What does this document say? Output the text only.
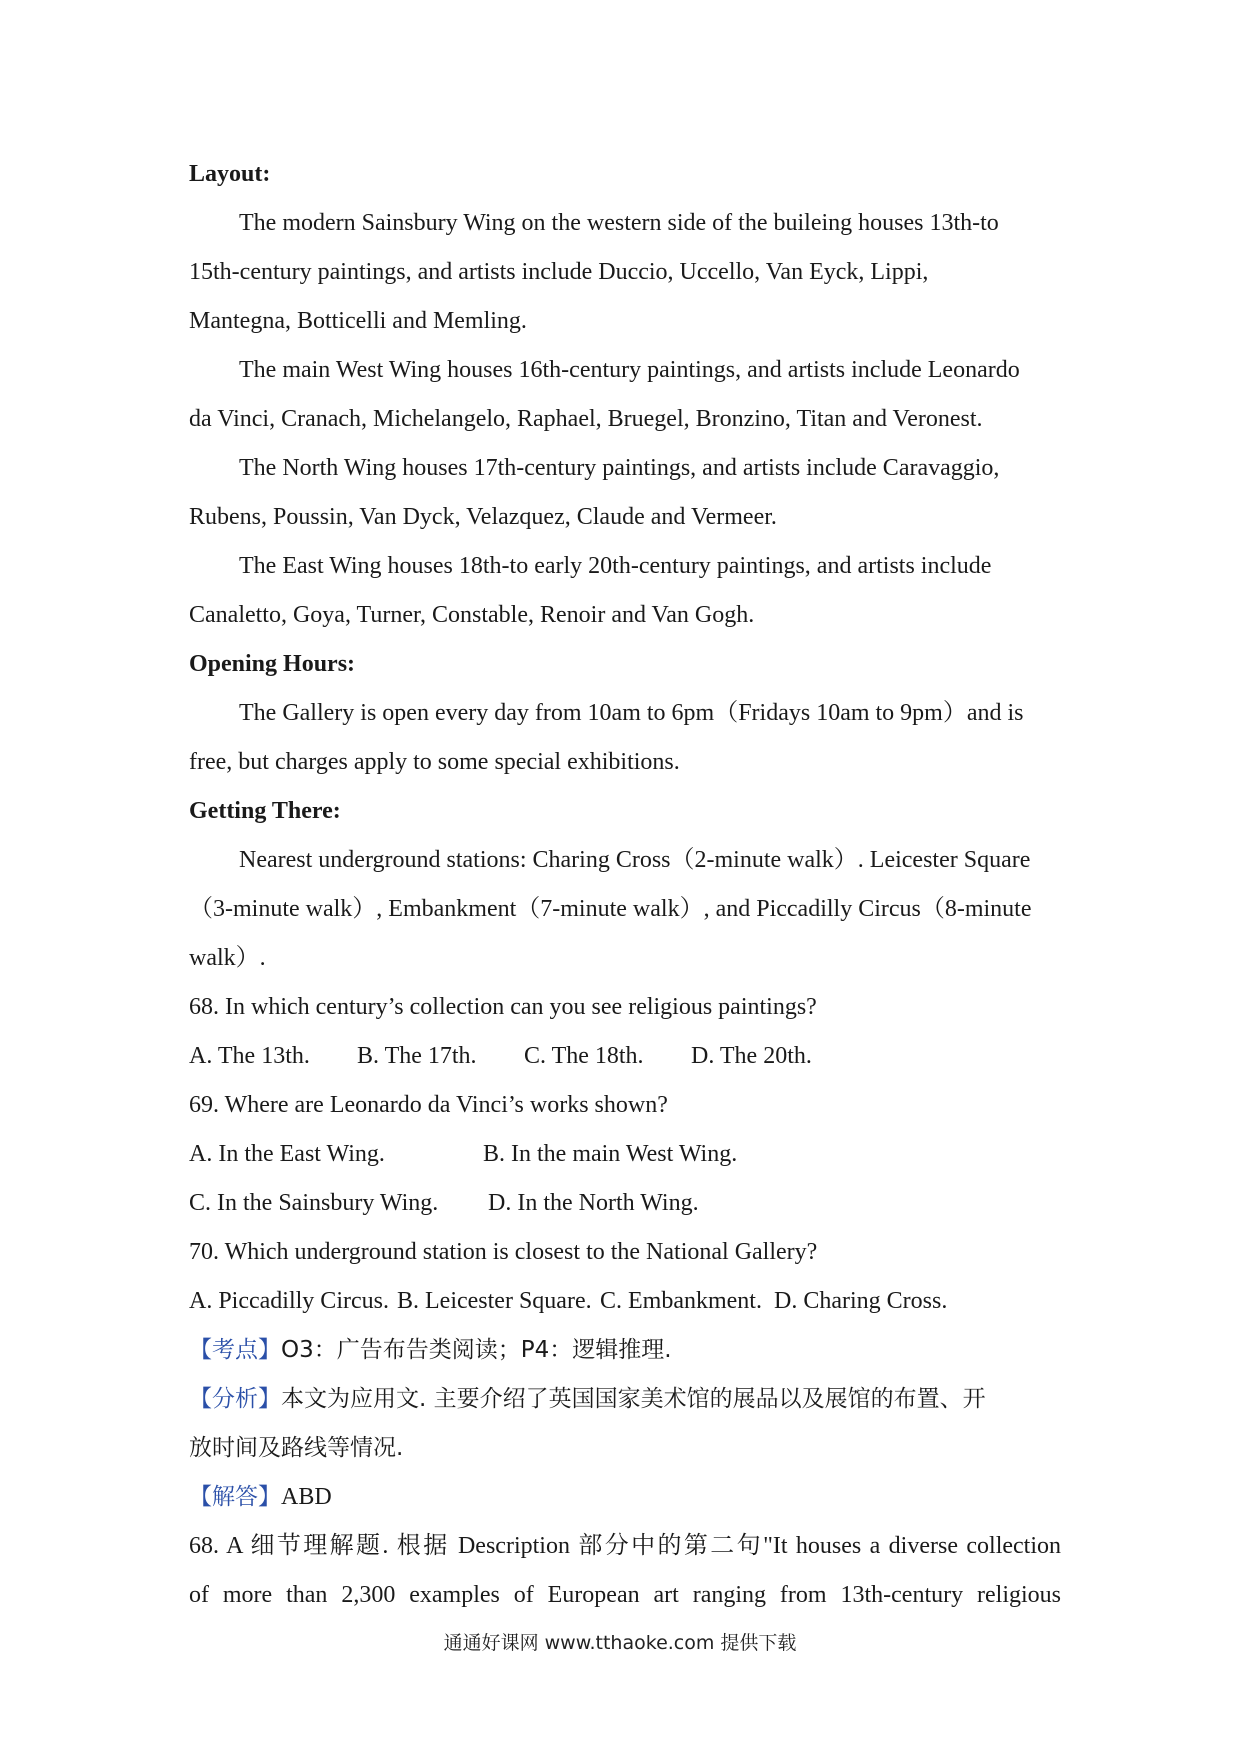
Layout:
The modern Sainsbury Wing on the western side of the buileing houses 13th-to
15th-century paintings, and artists include Duccio, Uccello, Van Eyck, Lippi,
Mantegna, Botticelli and Memling.
The main West Wing houses 16th-century paintings, and artists include Leonardo
da Vinci, Cranach, Michelangelo, Raphael, Bruegel, Bronzino, Titan and Veronest.
The North Wing houses 17th-century paintings, and artists include Caravaggio,
Rubens, Poussin, Van Dyck, Velazquez, Claude and Vermeer.
The East Wing houses 18th-to early 20th-century paintings, and artists include
Canaletto, Goya, Turner, Constable, Renoir and Van Gogh.
Opening Hours:
The Gallery is open every day from 10am to 6pm（Fridays 10am to 9pm）and is
free, but charges apply to some special exhibitions.
Getting There:
Nearest underground stations: Charing Cross（2-minute walk）. Leicester Square
（3-minute walk）, Embankment（7-minute walk）, and Piccadilly Circus（8-minute
walk）.
68. In which century’s collection can you see religious paintings?
A. The 13th.	B. The 17th.	C. The 18th.	D. The 20th.
69. Where are Leonardo da Vinci’s works shown?
A. In the East Wing.	B. In the main West Wing.
C. In the Sainsbury Wing.	D. In the North Wing.
70. Which underground station is closest to the National Gallery?
A. Piccadilly Circus. B. Leicester Square. C. Embankment. D. Charing Cross.
【考点】O3：广告布告类阅读；P4：逻辑推理.
【分析】本文为应用文. 主要介绍了英国国家美术馆的展品以及展馆的布置、开
放时间及路线等情况.
【解答】ABD
68. A 细节理解题. 根据 Description 部分中的第二句"It houses a diverse collection
of more than 2,300 examples of European art ranging from 13th-century religious
通通好课网 www.tthaoke.com 提供下载
